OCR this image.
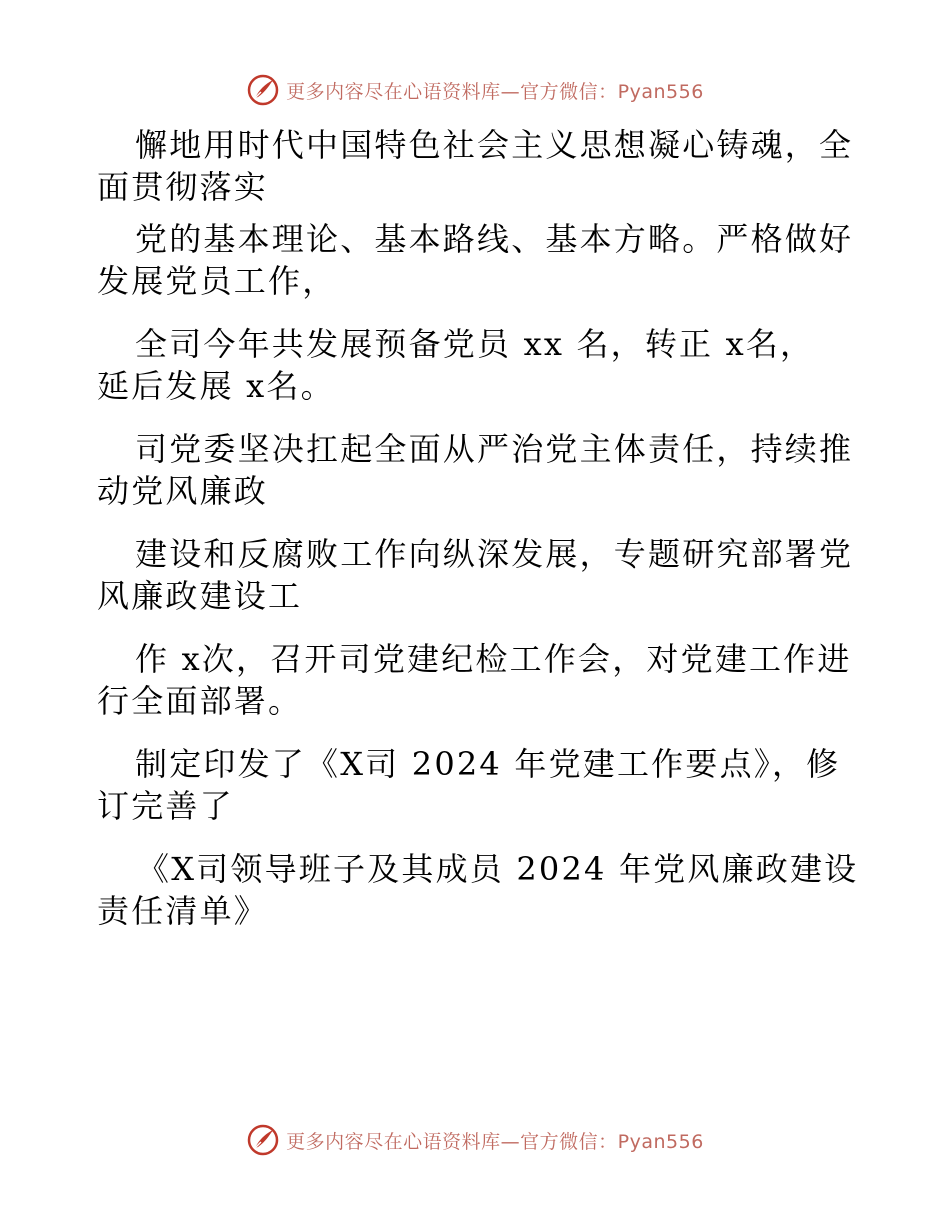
更多内容尽在心语资料库—官方微信：Pyan556

懈地用时代中国特色社会主义思想凝心铸魂，全

面贯彻落实

党的基本理论、基本路线、基本方略。严格做好

发展党员工作，

全司今年共发展预备党员 xx 名，转正 x名，

延后发展 x名。

司党委坚决扛起全面从严治党主体责任，持续推

动党风廉政

建设和反腐败工作向纵深发展，专题研究部署党

风廉政建设工

作 x次，召开司党建纪检工作会，对党建工作进

行全面部署。

制定印发了《X司 2024 年党建工作要点》，修

订完善了

《X司领导班子及其成员 2024 年党风廉政建设

责任清单》

更多内容尽在心语资料库—官方微信：Pyan556
